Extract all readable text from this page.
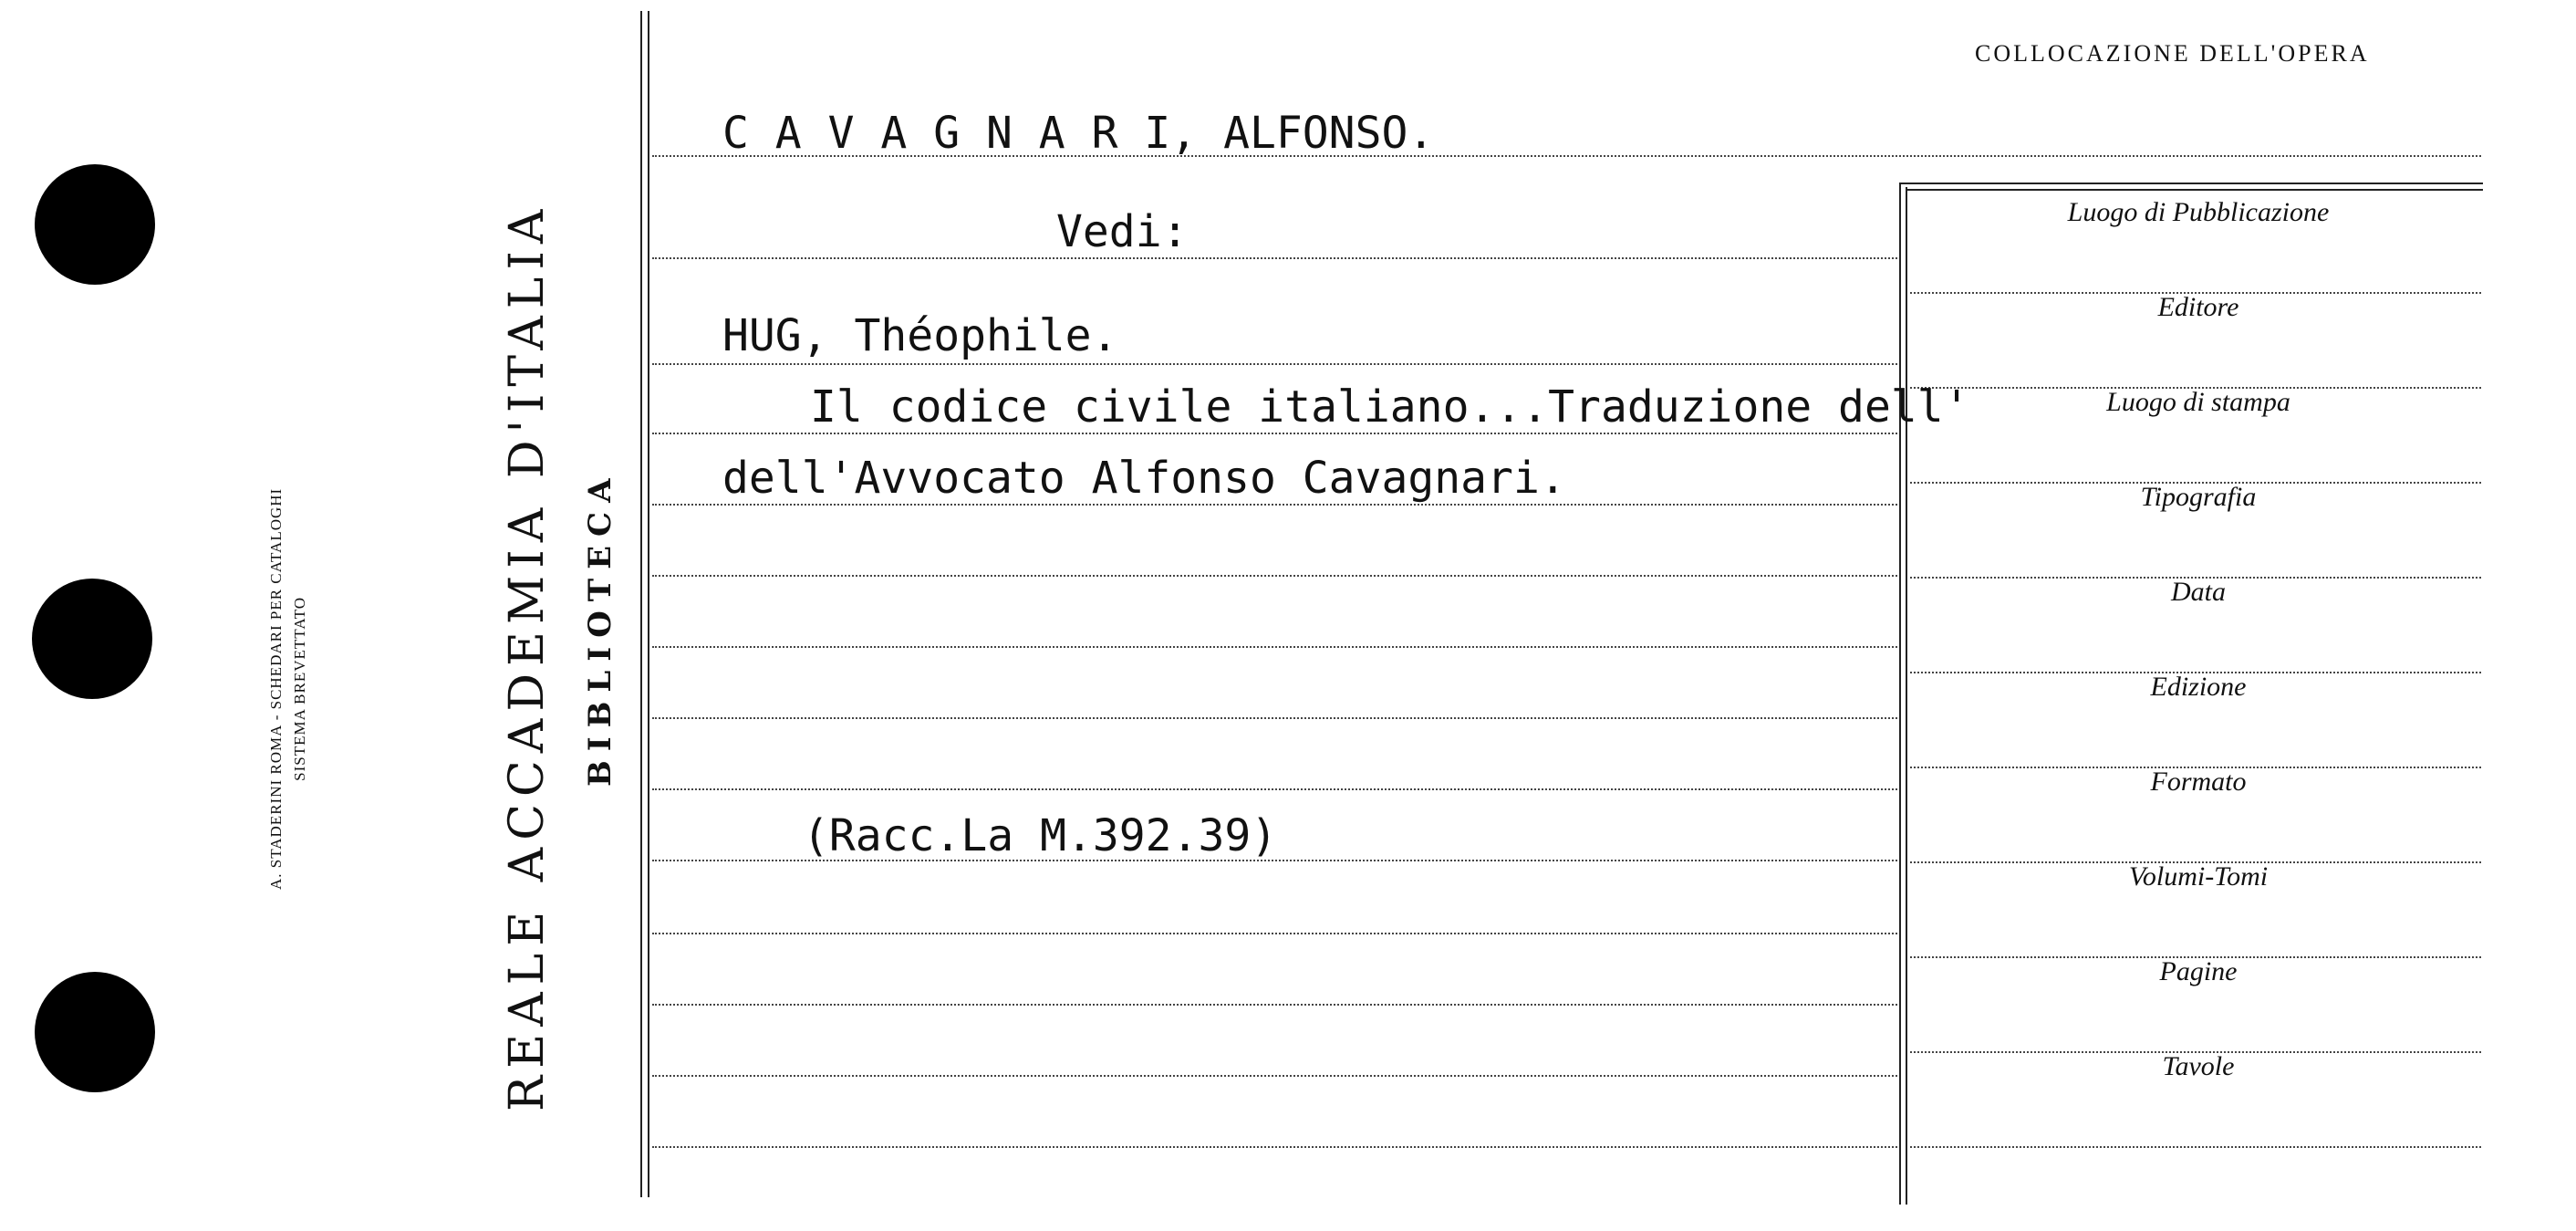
A. STADERINI ROMA - SCHEDARI PER CATALOGHI SISTEMA BREVETTATO	REALE ACCADEMIA D'ITALIA BIBLIOTECA
COLLOCAZIONE DELL'OPERA
Luogo di Pubblicazione
Editore
Luogo di stampa
Tipografia
Data
Edizione
Formato
Volumi-Tomi
Pagine
Tavole
C A V A G N A R I, ALFONSO.
Vedi:
HUG, Théophile.
Il codice civile italiano...Traduzione dell'
dell'Avvocato Alfonso Cavagnari.
(Racc.La M.392.39)
